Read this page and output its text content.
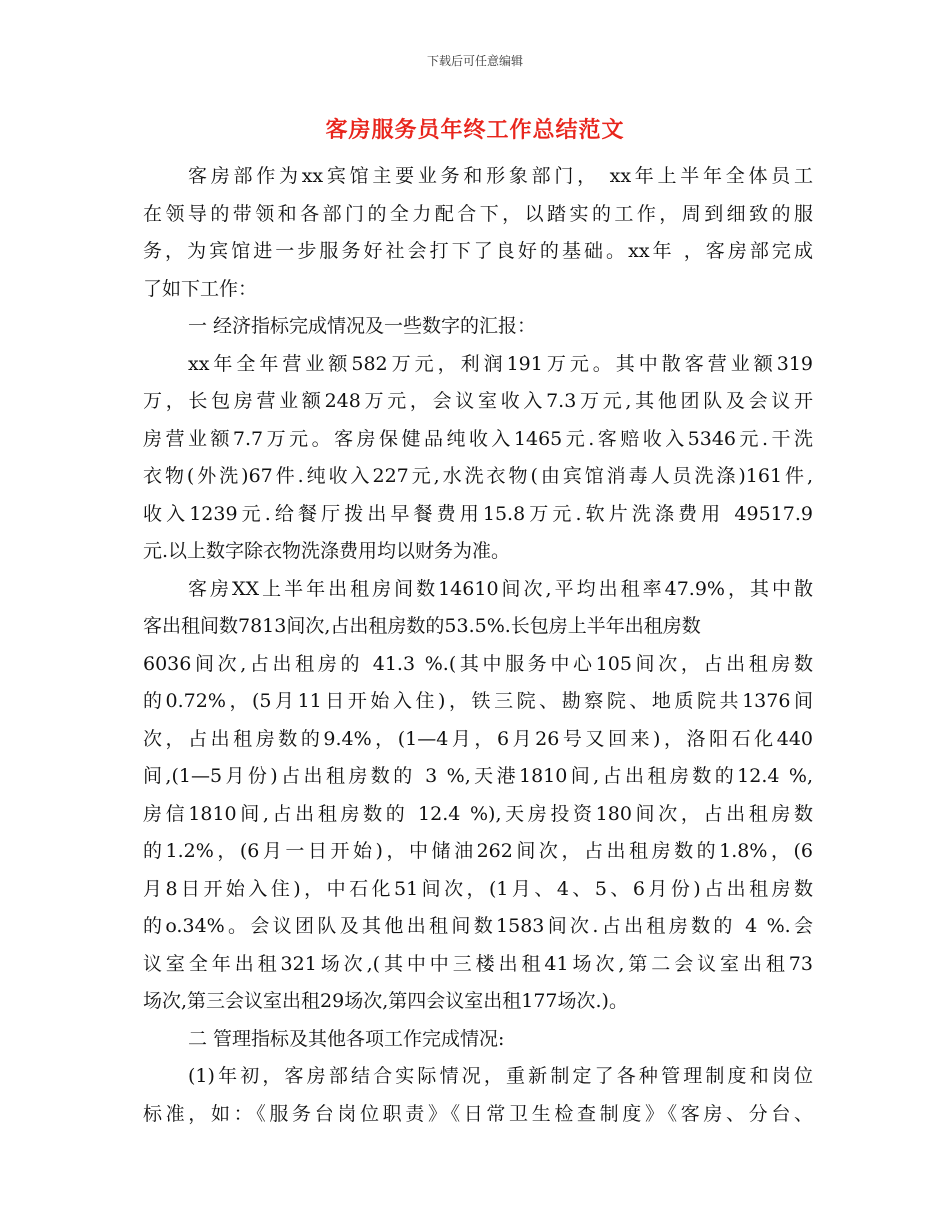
下载后可任意编辑
客房服务员年终工作总结范文
客房部作为xx宾馆主要业务和形象部门， xx年上半年全体员工
在领导的带领和各部门的全力配合下，以踏实的工作，周到细致的服
务，为宾馆进一步服务好社会打下了良好的基础。xx年 ，客房部完成
了如下工作：
一 经济指标完成情况及一些数字的汇报：
xx年全年营业额582万元，利润191万元。其中散客营业额319
万，长包房营业额248万元，会议室收入7.3万元,其他团队及会议开
房营业额7.7万元。客房保健品纯收入1465元.客赔收入5346元.干洗
衣物(外洗)67件.纯收入227元,水洗衣物(由宾馆消毒人员洗涤)161件,
收入1239元.给餐厅拨出早餐费用15.8万元.软片洗涤费用 49517.9
元.以上数字除衣物洗涤费用均以财务为准。
客房XX上半年出租房间数14610间次,平均出租率47.9%，其中散
客出租间数7813间次,占出租房数的53.5%.长包房上半年出租房数
6036间次,占出租房的 41.3 %.(其中服务中心105间次，占出租房数
的0.72%，(5月11日开始入住)，铁三院、勘察院、地质院共1376间
次，占出租房数的9.4%，(1—4月，6月26号又回来)，洛阳石化440
间,(1—5月份)占出租房数的 3 %,天港1810间,占出租房数的12.4 %,
房信1810间,占出租房数的 12.4 %),天房投资180间次，占出租房数
的1.2%，(6月一日开始)，中储油262间次，占出租房数的1.8%，(6
月8日开始入住)，中石化51间次，(1月、4、5、6月份)占出租房数
的o.34%。会议团队及其他出租间数1583间次.占出租房数的 4 %.会
议室全年出租321场次,(其中中三楼出租41场次,第二会议室出租73
场次,第三会议室出租29场次,第四会议室出租177场次.)。
二 管理指标及其他各项工作完成情况:
(1)年初，客房部结合实际情况，重新制定了各种管理制度和岗位
标准，如：《服务台岗位职责》《日常卫生检查制度》《客房、分台、
